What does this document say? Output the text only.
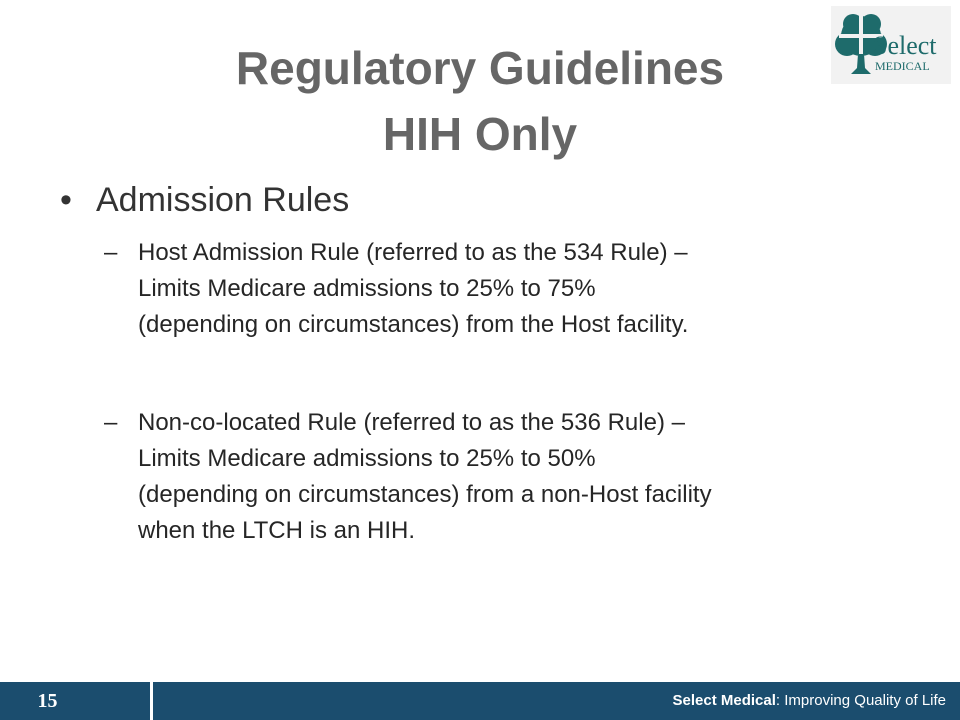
Select
MEDICAL
Regulatory Guidelines
HIH Only
• Admission Rules
– Host Admission Rule (referred to as the 534 Rule) –
Limits Medicare admissions to 25% to 75%
(depending on circumstances) from the Host facility.
– Non-co-located Rule (referred to as the 536 Rule) –
Limits Medicare admissions to 25% to 50%
(depending on circumstances) from a non-Host facility
when the LTCH is an HIH.
15	Select Medical: Improving Quality of Life
